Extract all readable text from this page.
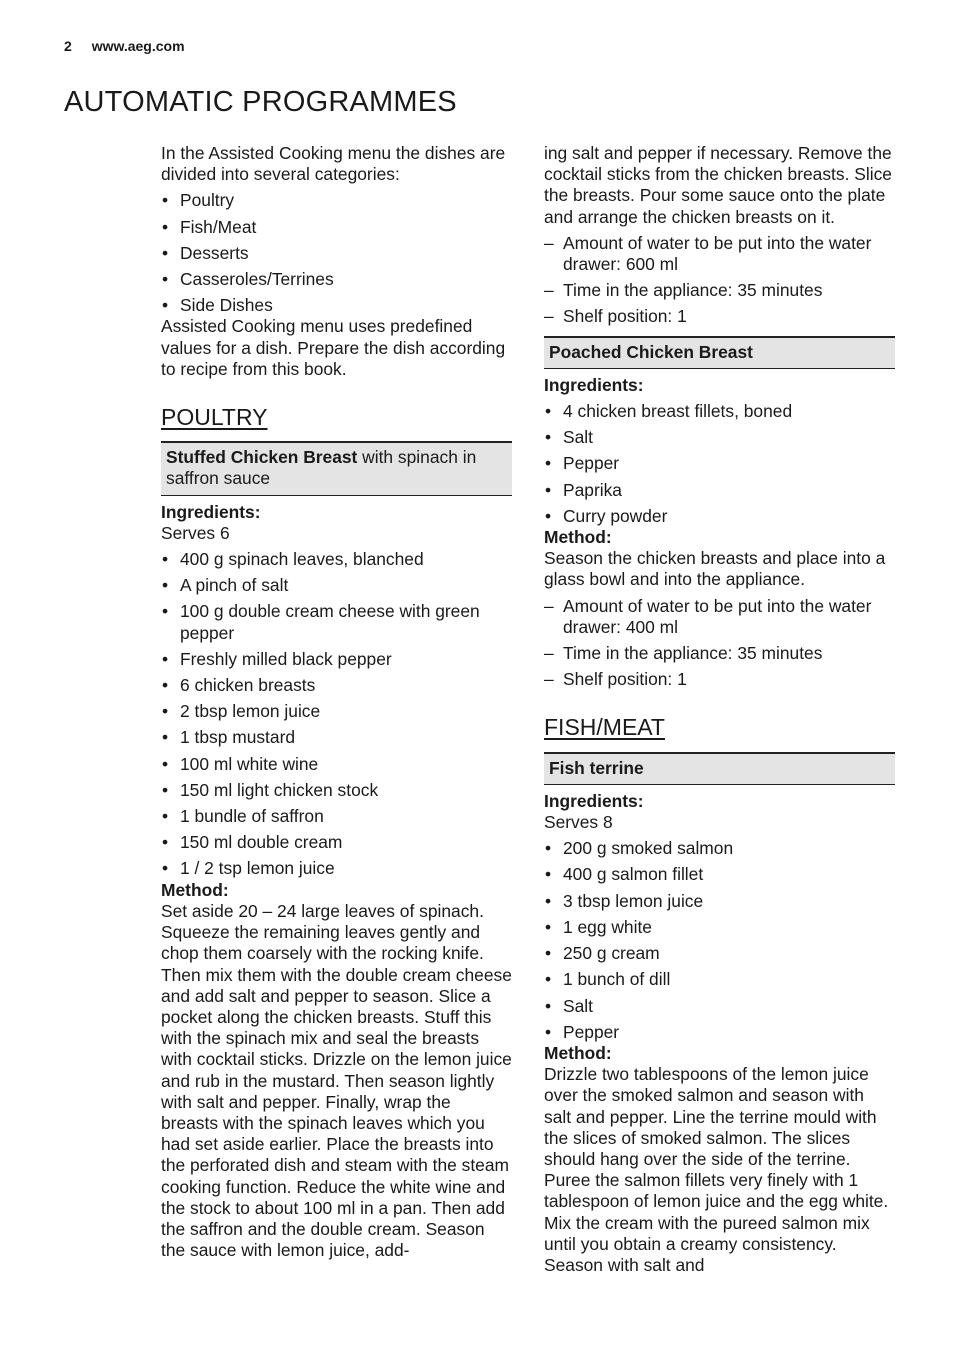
2 www.aeg.com
AUTOMATIC PROGRAMMES

In the Assisted Cooking menu the dishes are divided into several categories:

• Poultry
• Fish/Meat
• Desserts
• Casseroles/Terrines
• Side Dishes

Assisted Cooking menu uses predefined values for a dish. Prepare the dish according to recipe from this book.

POULTRY
Stuffed Chicken Breast with spinach in saffron sauce

Ingredients:

Serves 6

• 400 g spinach leaves, blanched
• A pinch of salt
• 100 g double cream cheese with green pepper
• Freshly milled black pepper
• 6 chicken breasts
• 2 tbsp lemon juice
• 1 tbsp mustard
• 100 ml white wine
• 150 ml light chicken stock
• 1 bundle of saffron
• 150 ml double cream
• 1 / 2 tsp lemon juice

Method:

Set aside 20 – 24 large leaves of spinach. Squeeze the remaining leaves gently and chop them coarsely with the rocking knife. Then mix them with the double cream cheese and add salt and pepper to season. Slice a pocket along the chicken breasts. Stuff this with the spinach mix and seal the breasts with cocktail sticks. Drizzle on the lemon juice and rub in the mustard. Then season lightly with salt and pepper. Finally, wrap the breasts with the spinach leaves which you had set aside earlier. Place the breasts into the perforated dish and steam with the steam cooking function. Reduce the white wine and the stock to about 100 ml in a pan. Then add the saffron and the double cream. Season the sauce with lemon juice, add-

ing salt and pepper if necessary. Remove the cocktail sticks from the chicken breasts. Slice the breasts. Pour some sauce onto the plate and arrange the chicken breasts on it.

– Amount of water to be put into the water drawer: 600 ml
– Time in the appliance: 35 minutes
– Shelf position: 1
Poached Chicken Breast

Ingredients:

• 4 chicken breast fillets, boned
• Salt
• Pepper
• Paprika
• Curry powder

Method:

Season the chicken breasts and place into a glass bowl and into the appliance.

– Amount of water to be put into the water drawer: 400 ml
– Time in the appliance: 35 minutes
– Shelf position: 1
FISH/MEAT
Fish terrine

Ingredients:

Serves 8

• 200 g smoked salmon
• 400 g salmon fillet
• 3 tbsp lemon juice
• 1 egg white
• 250 g cream
• 1 bunch of dill
• Salt
• Pepper

Method:

Drizzle two tablespoons of the lemon juice over the smoked salmon and season with salt and pepper. Line the terrine mould with the slices of smoked salmon. The slices should hang over the side of the terrine. Puree the salmon fillets very finely with 1 tablespoon of lemon juice and the egg white. Mix the cream with the pureed salmon mix until you obtain a creamy consistency. Season with salt and
